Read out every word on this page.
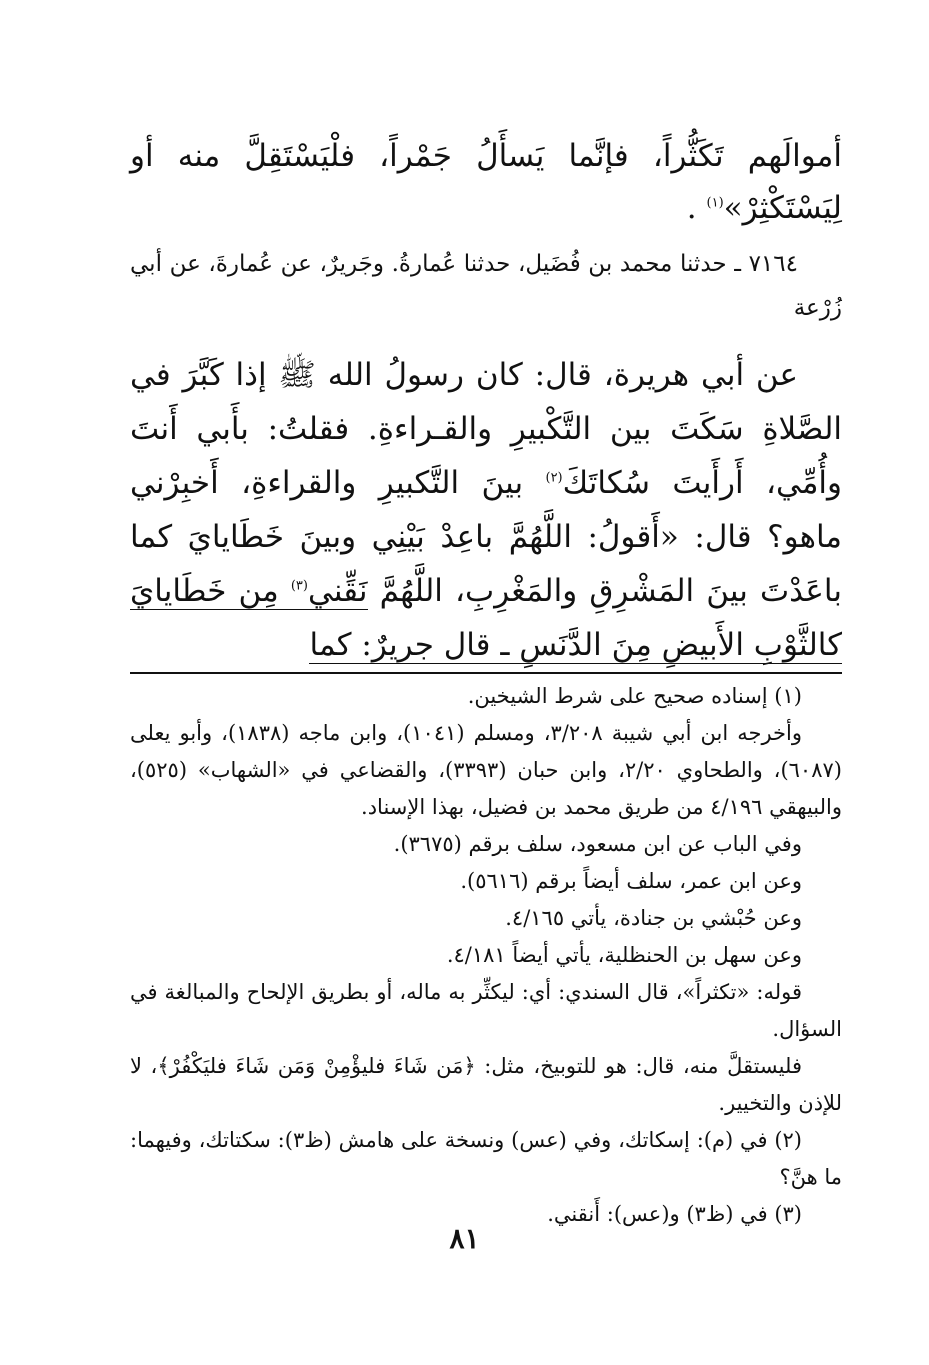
أموالَهم تَكَثُّراً، فإنَّما يَسأَلُ جَمْراً، فلْيَسْتَقِلَّ منه أو لِيَسْتَكْثِرْ»$^{(١)}$ .

٧١٦٤ ـ حدثنا محمد بن فُضَيل، حدثنا عُمارةُ. وجَريرٌ، عن عُمارةَ، عن أبي زُرْعة

عن أبي هريرة، قال: كان رسولُ الله ﷺ إذا كَبَّرَ في الصَّلاةِ سَكَتَ بين التَّكْبيرِ والقـراءةِ. فقلتُ: بأَبي أَنتَ وأُمِّي، أَرأَيتَ سُكاتَكَ$^{(٢)}$ بينَ التَّكبيرِ والقراءةِ، أَخبِرْني ماهو؟ قال: «أَقولُ: اللَّهُمَّ باعِدْ بَيْنِي وبينَ خَطَايايَ كما باعَدْتَ بينَ المَشْرِقِ والمَغْرِبِ، اللَّهُمَّ نَقِّني$^{(٣)}$ مِن خَطَايايَ كالثَّوْبِ الأَبيضِ مِنَ الدَّنَسِ ـ قال جريرٌ: كما

(١) إسناده صحيح على شرط الشيخين.

وأخرجه ابن أبي شيبة ٣/٢٠٨، ومسلم (١٠٤١)، وابن ماجه (١٨٣٨)، وأبو يعلى (٦٠٨٧)، والطحاوي ٢/٢٠، وابن حبان (٣٣٩٣)، والقضاعي في «الشهاب» (٥٢٥)، والبيهقي ٤/١٩٦ من طريق محمد بن فضيل، بهذا الإسناد.

وفي الباب عن ابن مسعود، سلف برقم (٣٦٧٥).

وعن ابن عمر، سلف أيضاً برقم (٥٦١٦).

وعن حُبْشي بن جنادة، يأتي ٤/١٦٥.

وعن سهل بن الحنظلية، يأتي أيضاً ٤/١٨١.

قوله: «تكثراً»، قال السندي: أي: ليكثِّر به ماله، أو بطريق الإلحاح والمبالغة في السؤال.

فليستقلَّ منه، قال: هو للتوبيخ، مثل: ﴿مَن شَاءَ فليؤْمِنْ وَمَن شَاءَ فليَكْفُرْ﴾، لا للإذن والتخيير.

(٢) في (م): إسكاتك، وفي (عس) ونسخة على هامش (ظ٣): سكتاتك، وفيهما: ما هنَّ؟

(٣) في (ظ٣) و(عس): أَنقني.

٨١
